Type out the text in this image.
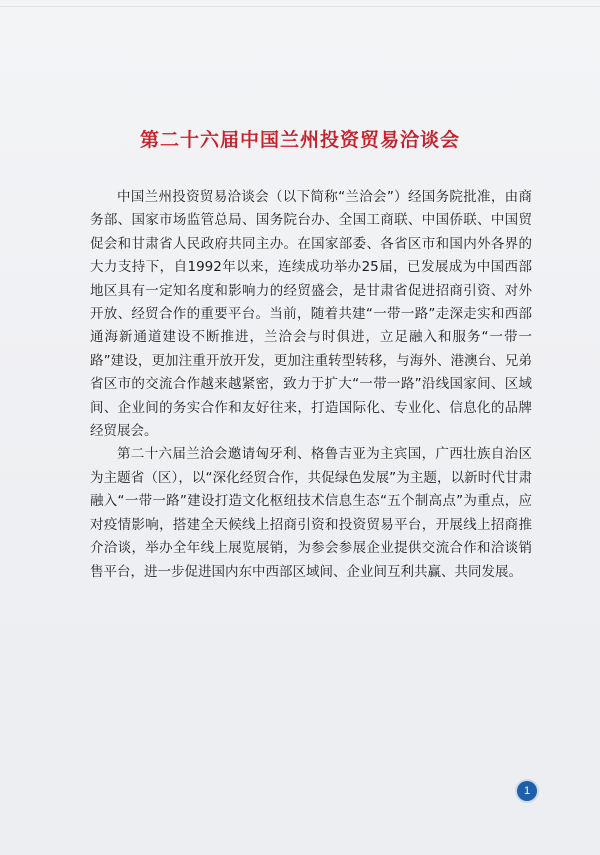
第二十六届中国兰州投资贸易洽谈会

中国兰州投资贸易洽谈会（以下简称“兰洽会”）经国务院批准，由商务部、国家市场监管总局、国务院台办、全国工商联、中国侨联、中国贸促会和甘肃省人民政府共同主办。在国家部委、各省区市和国内外各界的大力支持下，自1992年以来，连续成功举办25届，已发展成为中国西部地区具有一定知名度和影响力的经贸盛会，是甘肃省促进招商引资、对外开放、经贸合作的重要平台。当前，随着共建“一带一路”走深走实和西部通海新通道建设不断推进，兰洽会与时俱进，立足融入和服务“一带一路”建设，更加注重开放开发，更加注重转型转移，与海外、港澳台、兄弟省区市的交流合作越来越紧密，致力于扩大“一带一路”沿线国家间、区域间、企业间的务实合作和友好往来，打造国际化、专业化、信息化的品牌经贸展会。

第二十六届兰洽会邀请匈牙利、格鲁吉亚为主宾国，广西壮族自治区为主题省（区），以“深化经贸合作，共促绿色发展”为主题，以新时代甘肃融入“一带一路”建设打造文化枢纽技术信息生态“五个制高点”为重点，应对疫情影响，搭建全天候线上招商引资和投资贸易平台，开展线上招商推介洽谈，举办全年线上展览展销，为参会参展企业提供交流合作和洽谈销售平台，进一步促进国内东中西部区域间、企业间互利共赢、共同发展。

1
